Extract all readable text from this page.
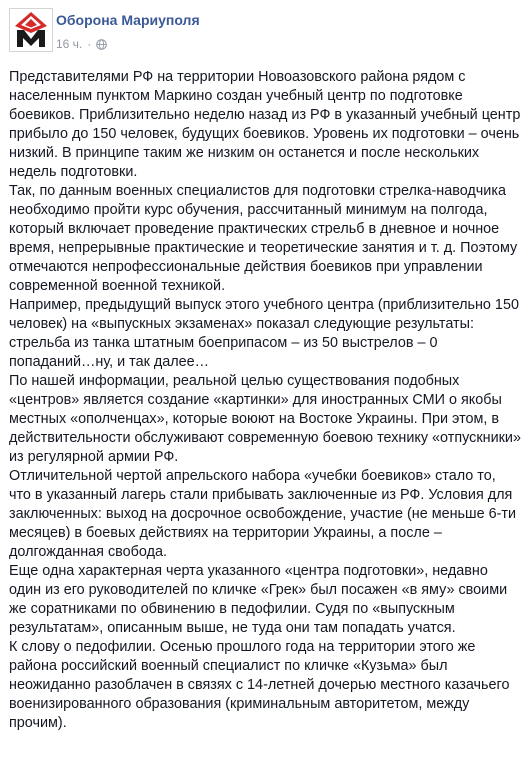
Оборона Мариуполя
16 ч. ·

Представителями РФ на территории Новоазовского района рядом с населенным пунктом Маркино создан учебный центр по подготовке боевиков. Приблизительно неделю назад из РФ в указанный учебный центр прибыло до 150 человек, будущих боевиков. Уровень их подготовки – очень низкий. В принципе таким же низким он останется и после нескольких недель подготовки.

Так, по данным военных специалистов для подготовки стрелка-наводчика необходимо пройти курс обучения, рассчитанный минимум на полгода, который включает проведение практических стрельб в дневное и ночное время, непрерывные практические и теоретические занятия и т. д. Поэтому отмечаются непрофессиональные действия боевиков при управлении современной военной техникой.

Например, предыдущий выпуск этого учебного центра (приблизительно 150 человек) на «выпускных экзаменах» показал следующие результаты: стрельба из танка штатным боеприпасом – из 50 выстрелов – 0 попаданий…ну, и так далее…

По нашей информации, реальной целью существования подобных «центров» является создание «картинки» для иностранных СМИ о якобы местных «ополченцах», которые воюют на Востоке Украины. При этом, в действительности обслуживают современную боевою технику «отпускники» из регулярной армии РФ.

Отличительной чертой апрельского набора «учебки боевиков» стало то, что в указанный лагерь стали прибывать заключенные из РФ. Условия для заключенных: выход на досрочное освобождение, участие (не меньше 6-ти месяцев) в боевых действиях на территории Украины, а после – долгожданная свобода.

Еще одна характерная черта указанного «центра подготовки», недавно один из его руководителей по кличке «Грек» был посажен «в яму» своими же соратниками по обвинению в педофилии. Судя по «выпускным результатам», описанным выше, не туда они там попадать учатся.

К слову о педофилии. Осенью прошлого года на территории этого же района российский военный специалист по кличке «Кузьма» был неожиданно разоблачен в связях с 14-летней дочерью местного казачьего военизированного образования (криминальным авторитетом, между прочим).
